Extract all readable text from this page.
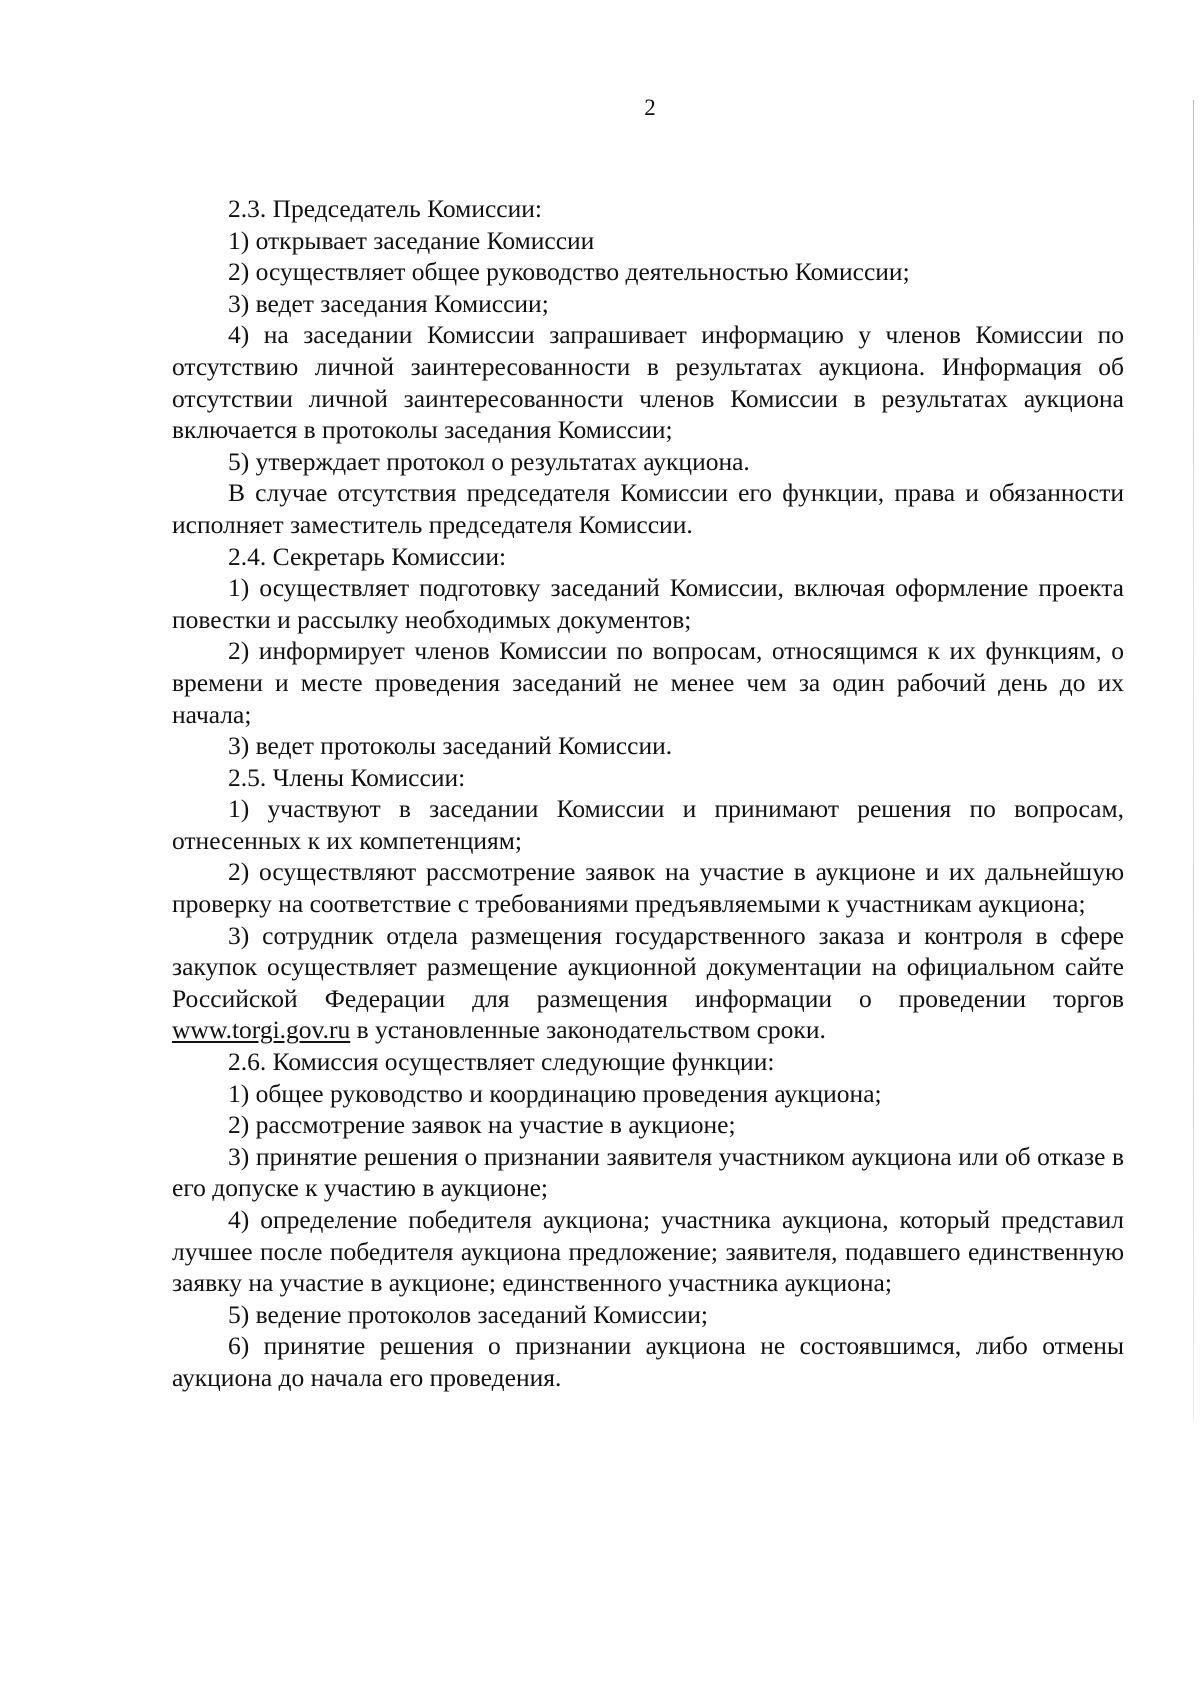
2

2.3. Председатель Комиссии:

1) открывает заседание Комиссии

2) осуществляет общее руководство деятельностью Комиссии;

3) ведет заседания Комиссии;

4) на заседании Комиссии запрашивает информацию у членов Комиссии по отсутствию личной заинтересованности в результатах аукциона. Информация об отсутствии личной заинтересованности членов Комиссии в результатах аукциона включается в протоколы заседания Комиссии;

5) утверждает протокол о результатах аукциона.

В случае отсутствия председателя Комиссии его функции, права и обязанности исполняет заместитель председателя Комиссии.

2.4. Секретарь Комиссии:

1) осуществляет подготовку заседаний Комиссии, включая оформление проекта повестки и рассылку необходимых документов;

2) информирует членов Комиссии по вопросам, относящимся к их функциям, о времени и месте проведения заседаний не менее чем за один рабочий день до их начала;

3) ведет протоколы заседаний Комиссии.

2.5. Члены Комиссии:

1) участвуют в заседании Комиссии и принимают решения по вопросам, отнесенных к их компетенциям;

2) осуществляют рассмотрение заявок на участие в аукционе и их дальнейшую проверку на соответствие с требованиями предъявляемыми к участникам аукциона;

3) сотрудник отдела размещения государственного заказа и контроля в сфере закупок осуществляет размещение аукционной документации на официальном сайте Российской Федерации для размещения информации о проведении торгов www.torgi.gov.ru в установленные законодательством сроки.

2.6. Комиссия осуществляет следующие функции:

1) общее руководство и координацию проведения аукциона;

2) рассмотрение заявок на участие в аукционе;

3) принятие решения о признании заявителя участником аукциона или об отказе в его допуске к участию в аукционе;

4) определение победителя аукциона; участника аукциона, который представил лучшее после победителя аукциона предложение; заявителя, подавшего единственную заявку на участие в аукционе; единственного участника аукциона;

5) ведение протоколов заседаний Комиссии;

6) принятие решения о признании аукциона не состоявшимся, либо отмены аукциона до начала его проведения.
